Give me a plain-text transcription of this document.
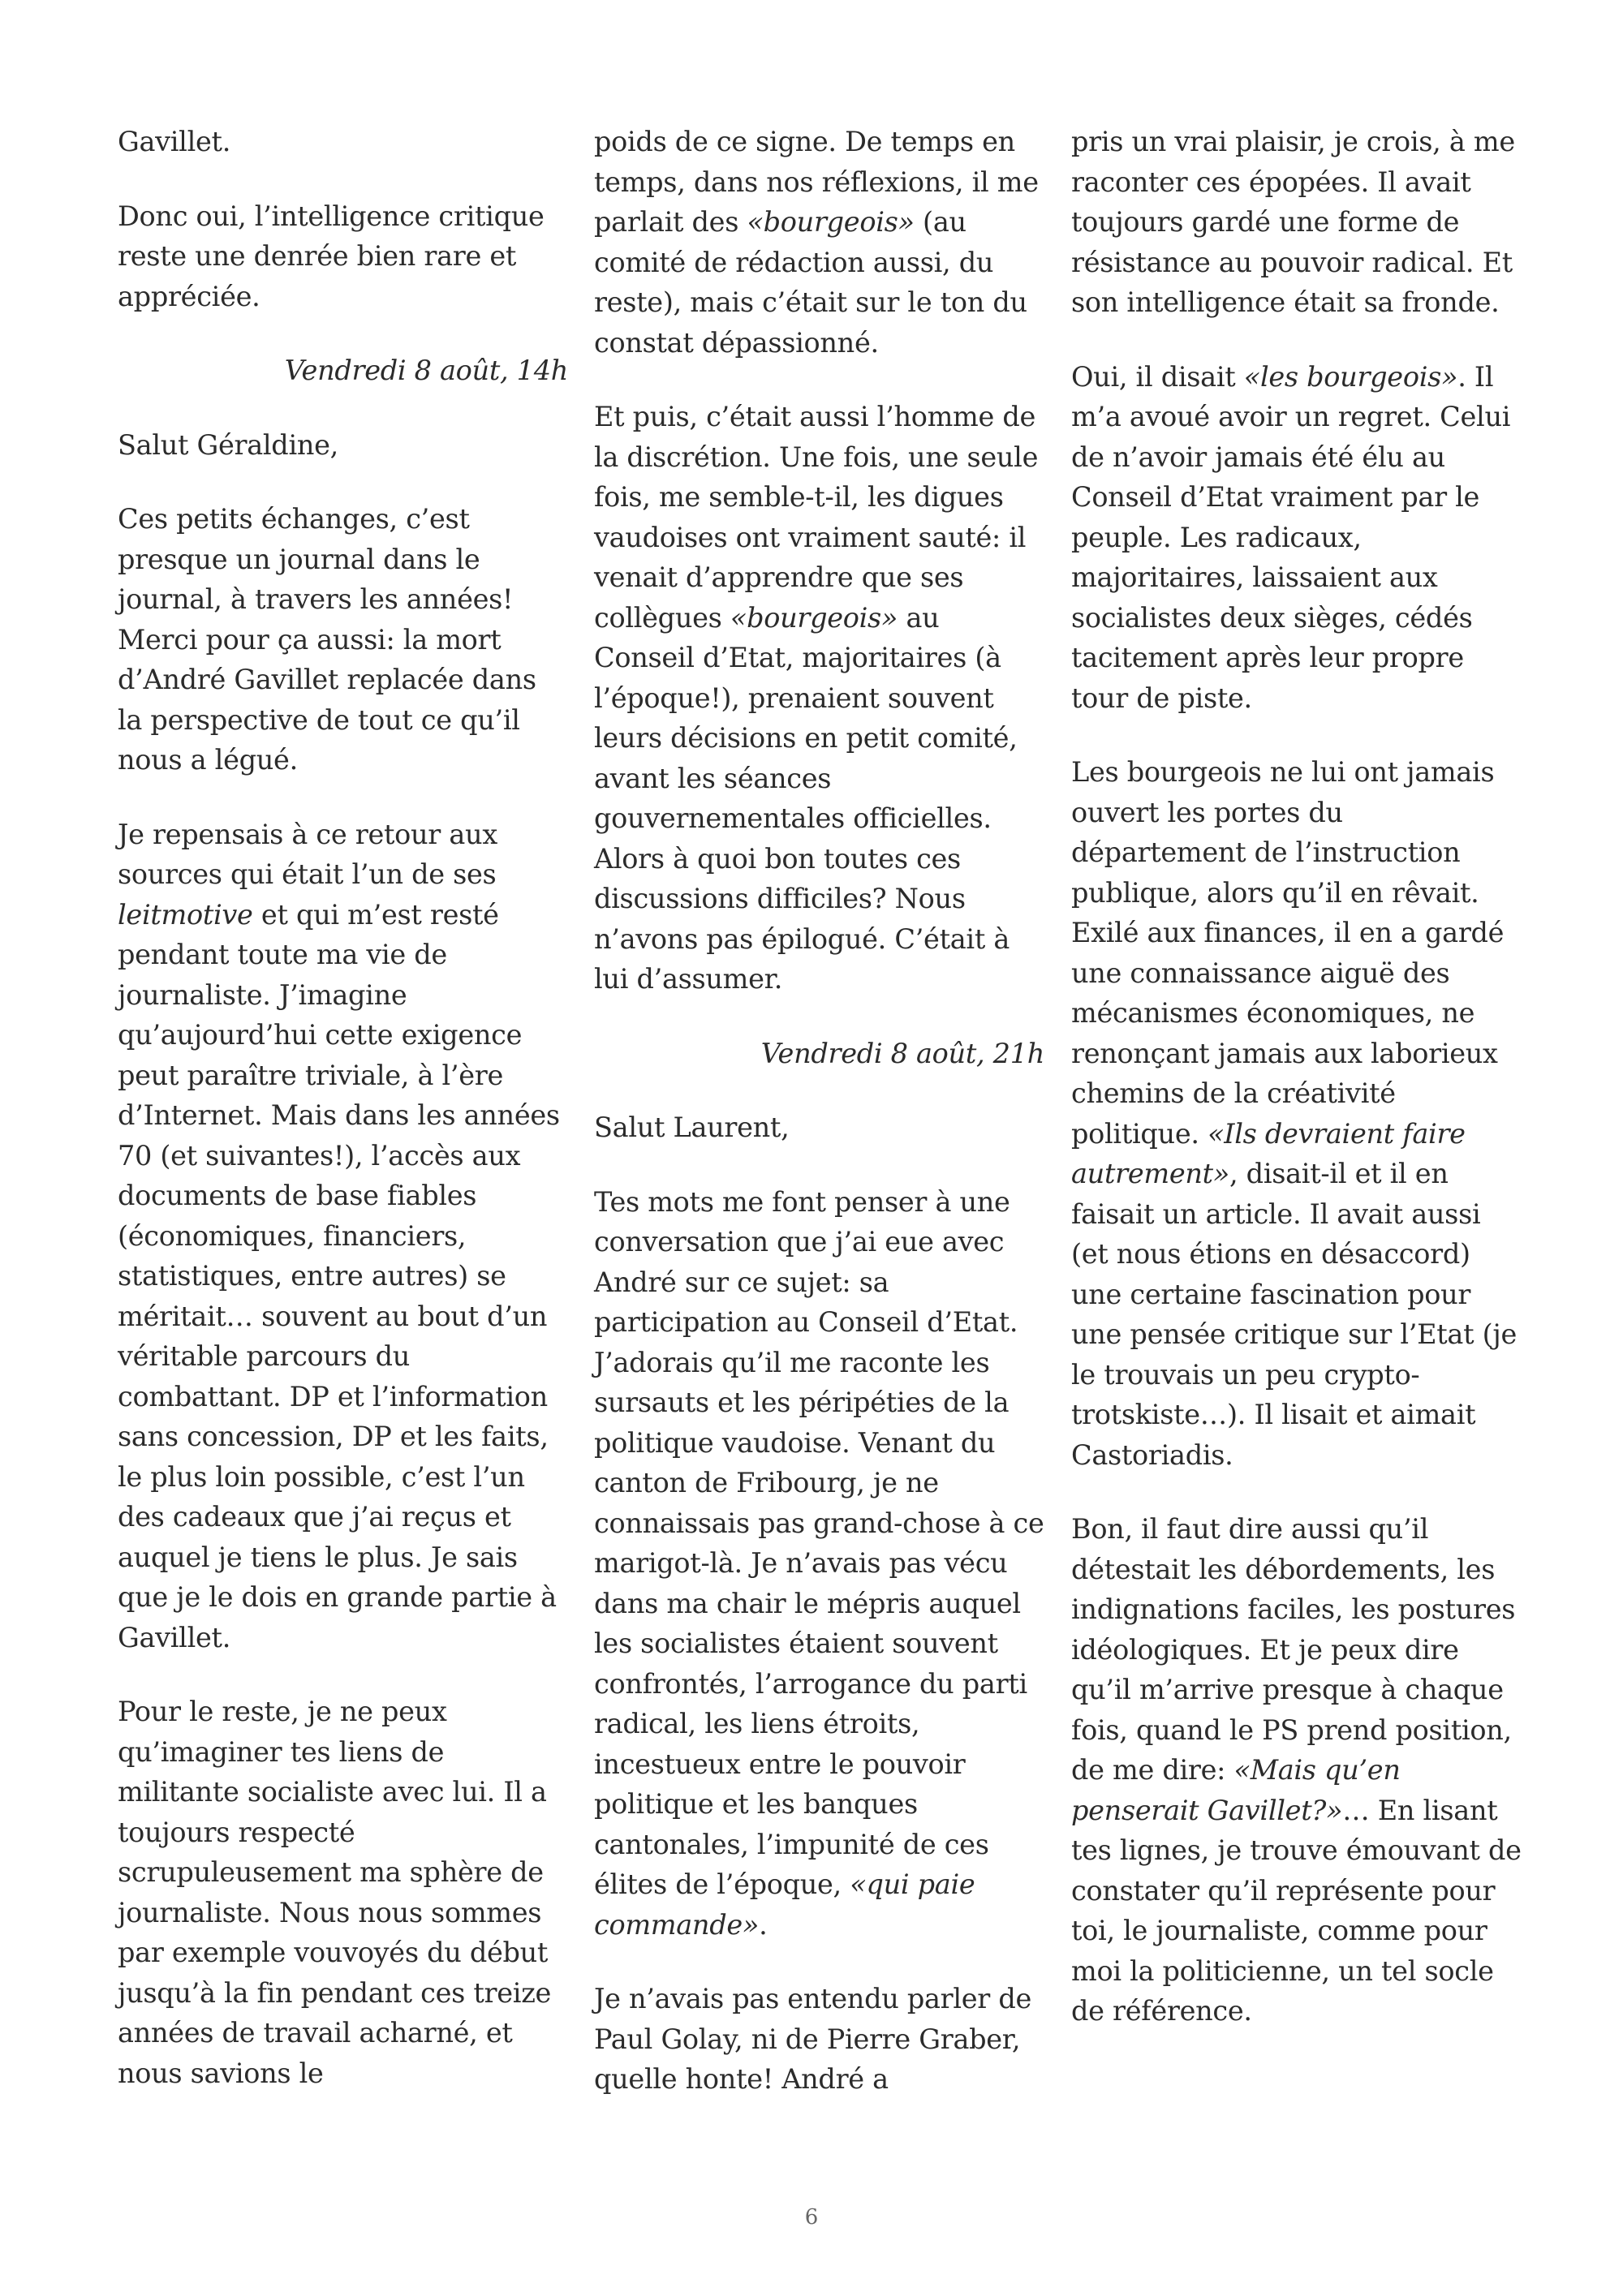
Gavillet.

Donc oui, l’intelligence critique reste une denrée bien rare et appréciée.

Vendredi 8 août, 14h

Salut Géraldine,

Ces petits échanges, c’est presque un journal dans le journal, à travers les années! Merci pour ça aussi: la mort d’André Gavillet replacée dans la perspective de tout ce qu’il nous a légué.

Je repensais à ce retour aux sources qui était l’un de ses leitmotive et qui m’est resté pendant toute ma vie de journaliste. J’imagine qu’aujourd’hui cette exigence peut paraître triviale, à l’ère d’Internet. Mais dans les années 70 (et suivantes!), l’accès aux documents de base fiables (économiques, financiers, statistiques, entre autres) se méritait… souvent au bout d’un véritable parcours du combattant. DP et l’information sans concession, DP et les faits, le plus loin possible, c’est l’un des cadeaux que j’ai reçus et auquel je tiens le plus. Je sais que je le dois en grande partie à Gavillet.

Pour le reste, je ne peux qu’imaginer tes liens de militante socialiste avec lui. Il a toujours respecté scrupuleusement ma sphère de journaliste. Nous nous sommes par exemple vouvoyés du début jusqu’à la fin pendant ces treize années de travail acharné, et nous savions le

poids de ce signe. De temps en temps, dans nos réflexions, il me parlait des «bourgeois» (au comité de rédaction aussi, du reste), mais c’était sur le ton du constat dépassionné.

Et puis, c’était aussi l’homme de la discrétion. Une fois, une seule fois, me semble-t-il, les digues vaudoises ont vraiment sauté: il venait d’apprendre que ses collègues «bourgeois» au Conseil d’Etat, majoritaires (à l’époque!), prenaient souvent leurs décisions en petit comité, avant les séances gouvernementales officielles. Alors à quoi bon toutes ces discussions difficiles? Nous n’avons pas épilogué. C’était à lui d’assumer.

Vendredi 8 août, 21h

Salut Laurent,

Tes mots me font penser à une conversation que j’ai eue avec André sur ce sujet: sa participation au Conseil d’Etat. J’adorais qu’il me raconte les sursauts et les péripéties de la politique vaudoise. Venant du canton de Fribourg, je ne connaissais pas grand-chose à ce marigot-là. Je n’avais pas vécu dans ma chair le mépris auquel les socialistes étaient souvent confrontés, l’arrogance du parti radical, les liens étroits, incestueux entre le pouvoir politique et les banques cantonales, l’impunité de ces élites de l’époque, «qui paie commande».

Je n’avais pas entendu parler de Paul Golay, ni de Pierre Graber, quelle honte! André a

pris un vrai plaisir, je crois, à me raconter ces épopées. Il avait toujours gardé une forme de résistance au pouvoir radical. Et son intelligence était sa fronde.

Oui, il disait «les bourgeois». Il m’a avoué avoir un regret. Celui de n’avoir jamais été élu au Conseil d’Etat vraiment par le peuple. Les radicaux, majoritaires, laissaient aux socialistes deux sièges, cédés tacitement après leur propre tour de piste.

Les bourgeois ne lui ont jamais ouvert les portes du département de l’instruction publique, alors qu’il en rêvait. Exilé aux finances, il en a gardé une connaissance aiguë des mécanismes économiques, ne renonçant jamais aux laborieux chemins de la créativité politique. «Ils devraient faire autrement», disait-il et il en faisait un article. Il avait aussi (et nous étions en désaccord) une certaine fascination pour une pensée critique sur l’Etat (je le trouvais un peu crypto-trotskiste…). Il lisait et aimait Castoriadis.

Bon, il faut dire aussi qu’il détestait les débordements, les indignations faciles, les postures idéologiques. Et je peux dire qu’il m’arrive presque à chaque fois, quand le PS prend position, de me dire: «Mais qu’en penserait Gavillet?»… En lisant tes lignes, je trouve émouvant de constater qu’il représente pour toi, le journaliste, comme pour moi la politicienne, un tel socle de référence.

6
